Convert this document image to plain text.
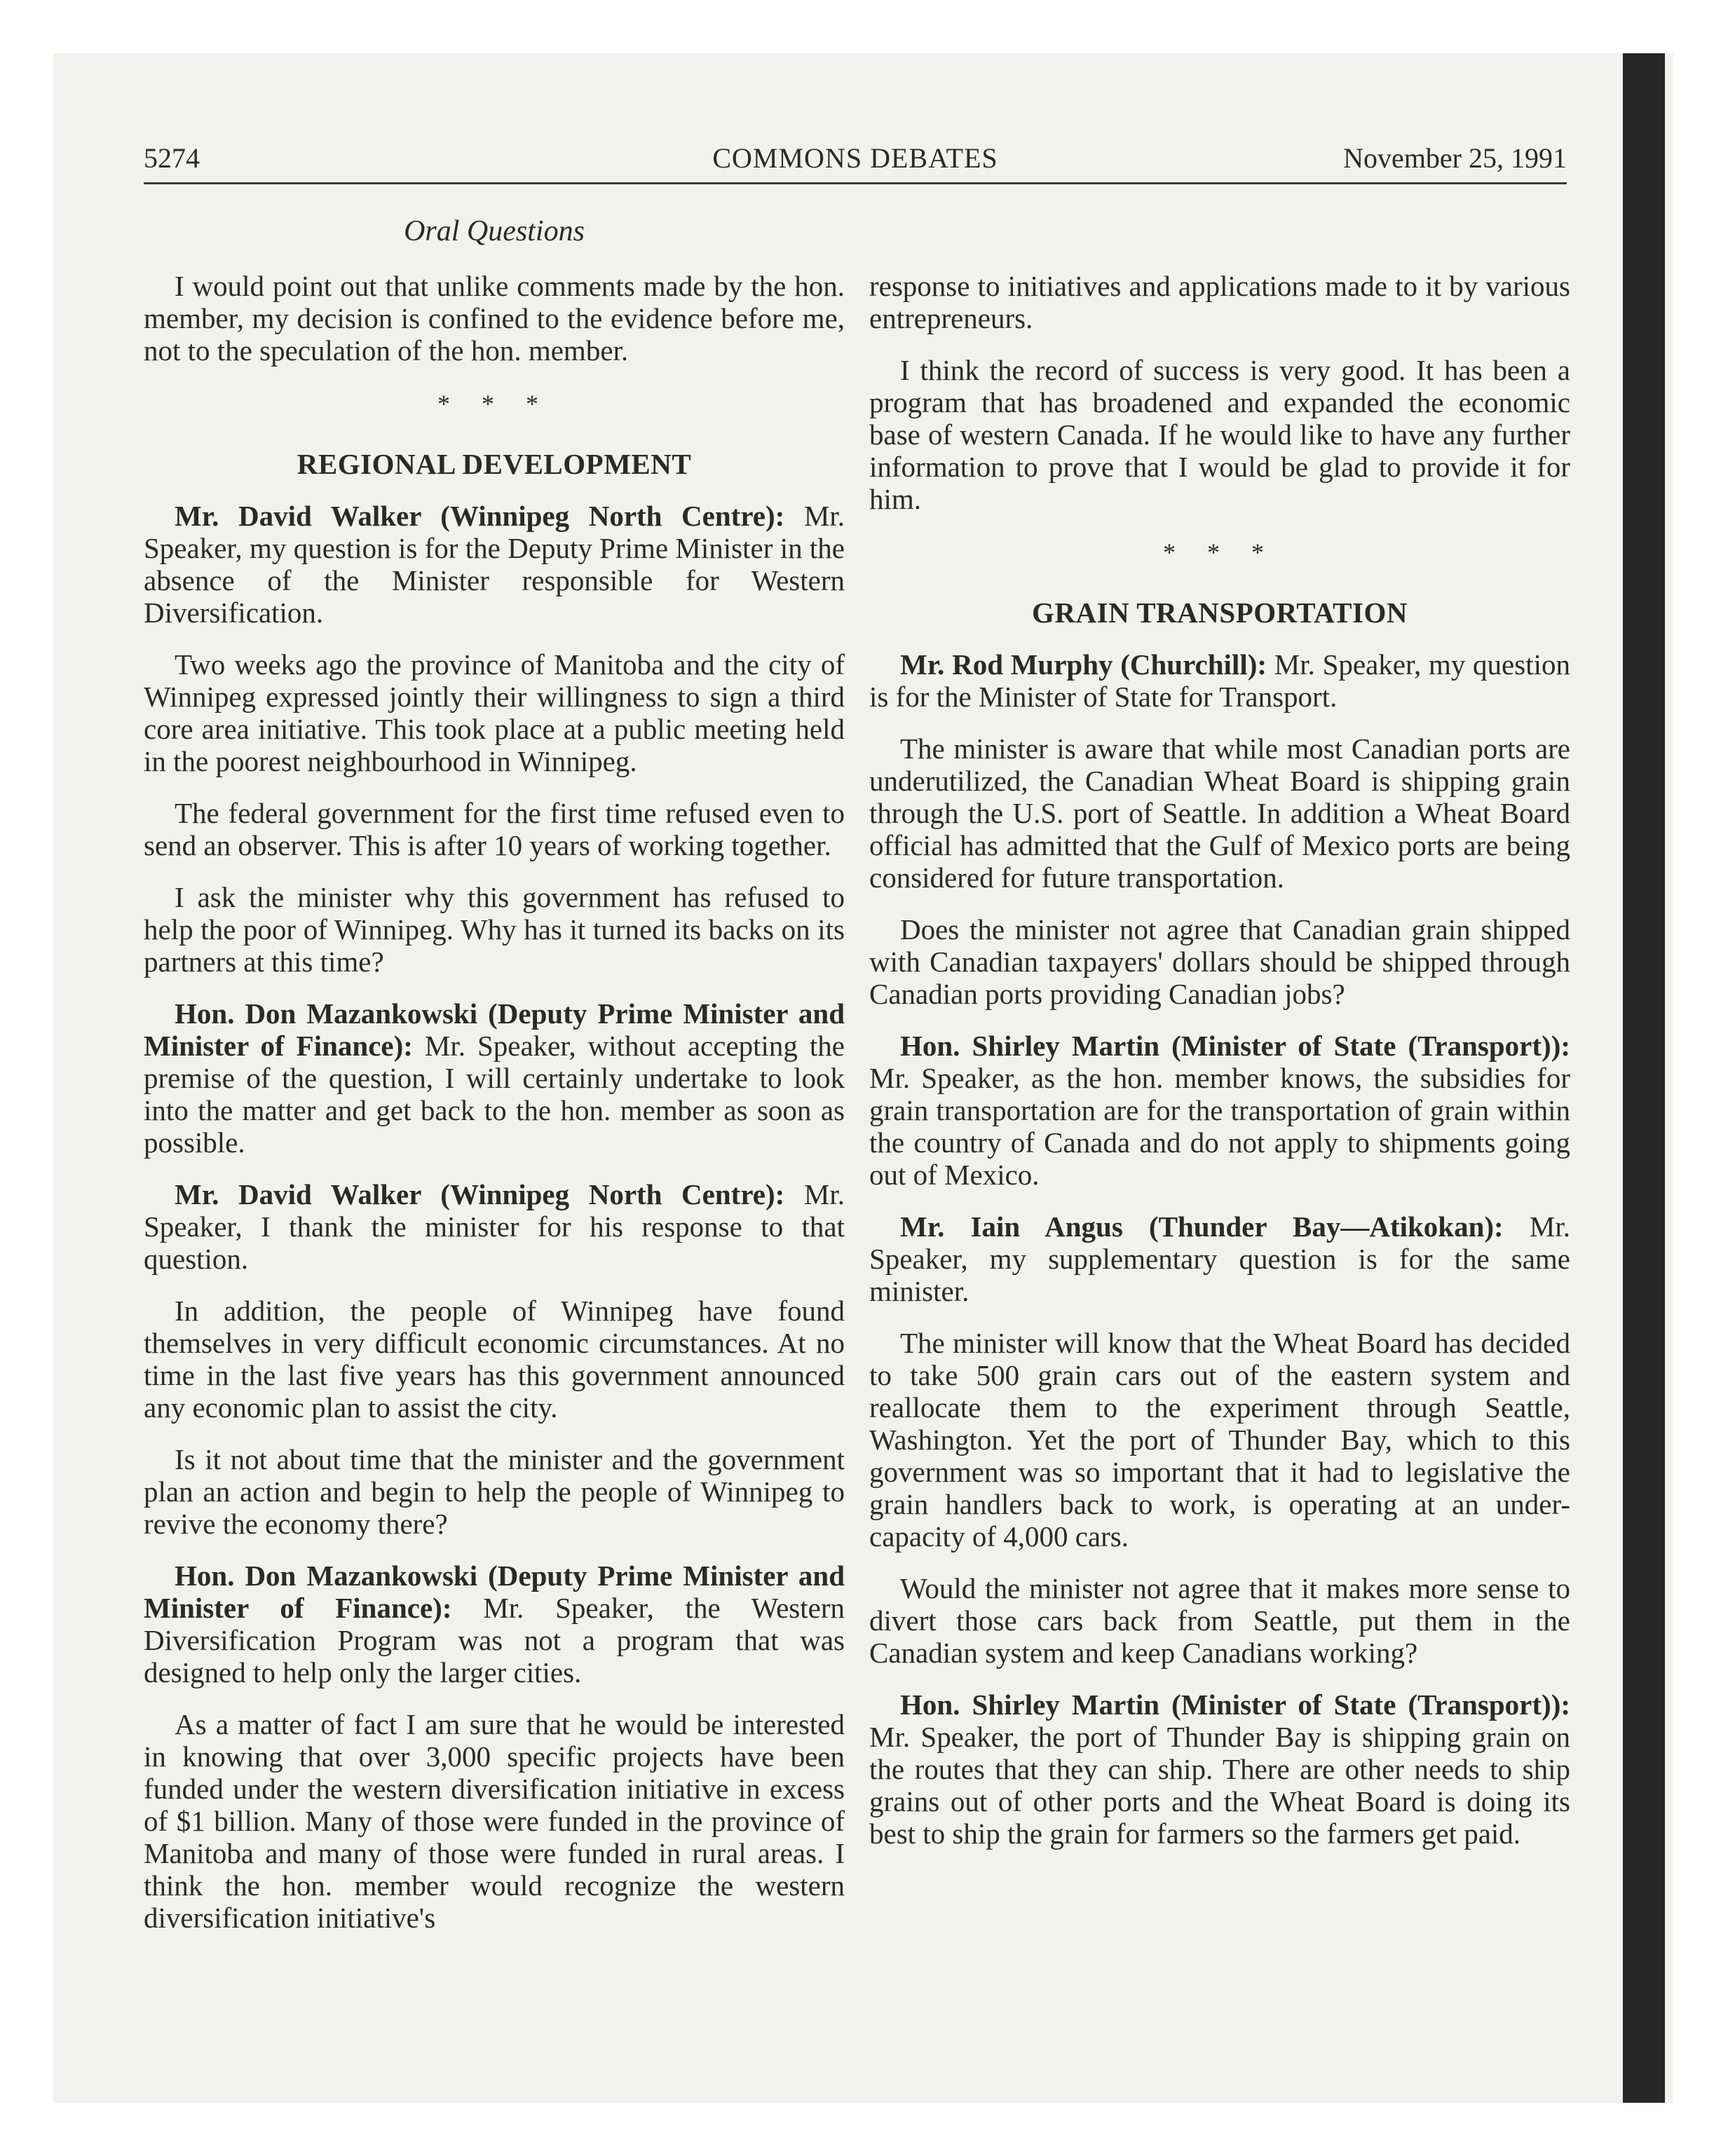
5274	COMMONS DEBATES	November 25, 1991
Oral Questions

I would point out that unlike comments made by the hon. member, my decision is confined to the evidence before me, not to the speculation of the hon. member.

* * *
REGIONAL DEVELOPMENT

Mr. David Walker (Winnipeg North Centre): Mr. Speaker, my question is for the Deputy Prime Minister in the absence of the Minister responsible for Western Diversification.

Two weeks ago the province of Manitoba and the city of Winnipeg expressed jointly their willingness to sign a third core area initiative. This took place at a public meeting held in the poorest neighbourhood in Winnipeg.

The federal government for the first time refused even to send an observer. This is after 10 years of working together.

I ask the minister why this government has refused to help the poor of Winnipeg. Why has it turned its backs on its partners at this time?

Hon. Don Mazankowski (Deputy Prime Minister and Minister of Finance): Mr. Speaker, without accepting the premise of the question, I will certainly undertake to look into the matter and get back to the hon. member as soon as possible.

Mr. David Walker (Winnipeg North Centre): Mr. Speaker, I thank the minister for his response to that question.

In addition, the people of Winnipeg have found themselves in very difficult economic circumstances. At no time in the last five years has this government announced any economic plan to assist the city.

Is it not about time that the minister and the government plan an action and begin to help the people of Winnipeg to revive the economy there?

Hon. Don Mazankowski (Deputy Prime Minister and Minister of Finance): Mr. Speaker, the Western Diversification Program was not a program that was designed to help only the larger cities.

As a matter of fact I am sure that he would be interested in knowing that over 3,000 specific projects have been funded under the western diversification initiative in excess of $1 billion. Many of those were funded in the province of Manitoba and many of those were funded in rural areas. I think the hon. member would recognize the western diversification initiative's

response to initiatives and applications made to it by various entrepreneurs.

I think the record of success is very good. It has been a program that has broadened and expanded the economic base of western Canada. If he would like to have any further information to prove that I would be glad to provide it for him.

* * *
GRAIN TRANSPORTATION

Mr. Rod Murphy (Churchill): Mr. Speaker, my question is for the Minister of State for Transport.

The minister is aware that while most Canadian ports are underutilized, the Canadian Wheat Board is shipping grain through the U.S. port of Seattle. In addition a Wheat Board official has admitted that the Gulf of Mexico ports are being considered for future transportation.

Does the minister not agree that Canadian grain shipped with Canadian taxpayers' dollars should be shipped through Canadian ports providing Canadian jobs?

Hon. Shirley Martin (Minister of State (Transport)): Mr. Speaker, as the hon. member knows, the subsidies for grain transportation are for the transportation of grain within the country of Canada and do not apply to shipments going out of Mexico.

Mr. Iain Angus (Thunder Bay—Atikokan): Mr. Speaker, my supplementary question is for the same minister.

The minister will know that the Wheat Board has decided to take 500 grain cars out of the eastern system and reallocate them to the experiment through Seattle, Washington. Yet the port of Thunder Bay, which to this government was so important that it had to legislative the grain handlers back to work, is operating at an under-capacity of 4,000 cars.

Would the minister not agree that it makes more sense to divert those cars back from Seattle, put them in the Canadian system and keep Canadians working?

Hon. Shirley Martin (Minister of State (Transport)): Mr. Speaker, the port of Thunder Bay is shipping grain on the routes that they can ship. There are other needs to ship grains out of other ports and the Wheat Board is doing its best to ship the grain for farmers so the farmers get paid.
